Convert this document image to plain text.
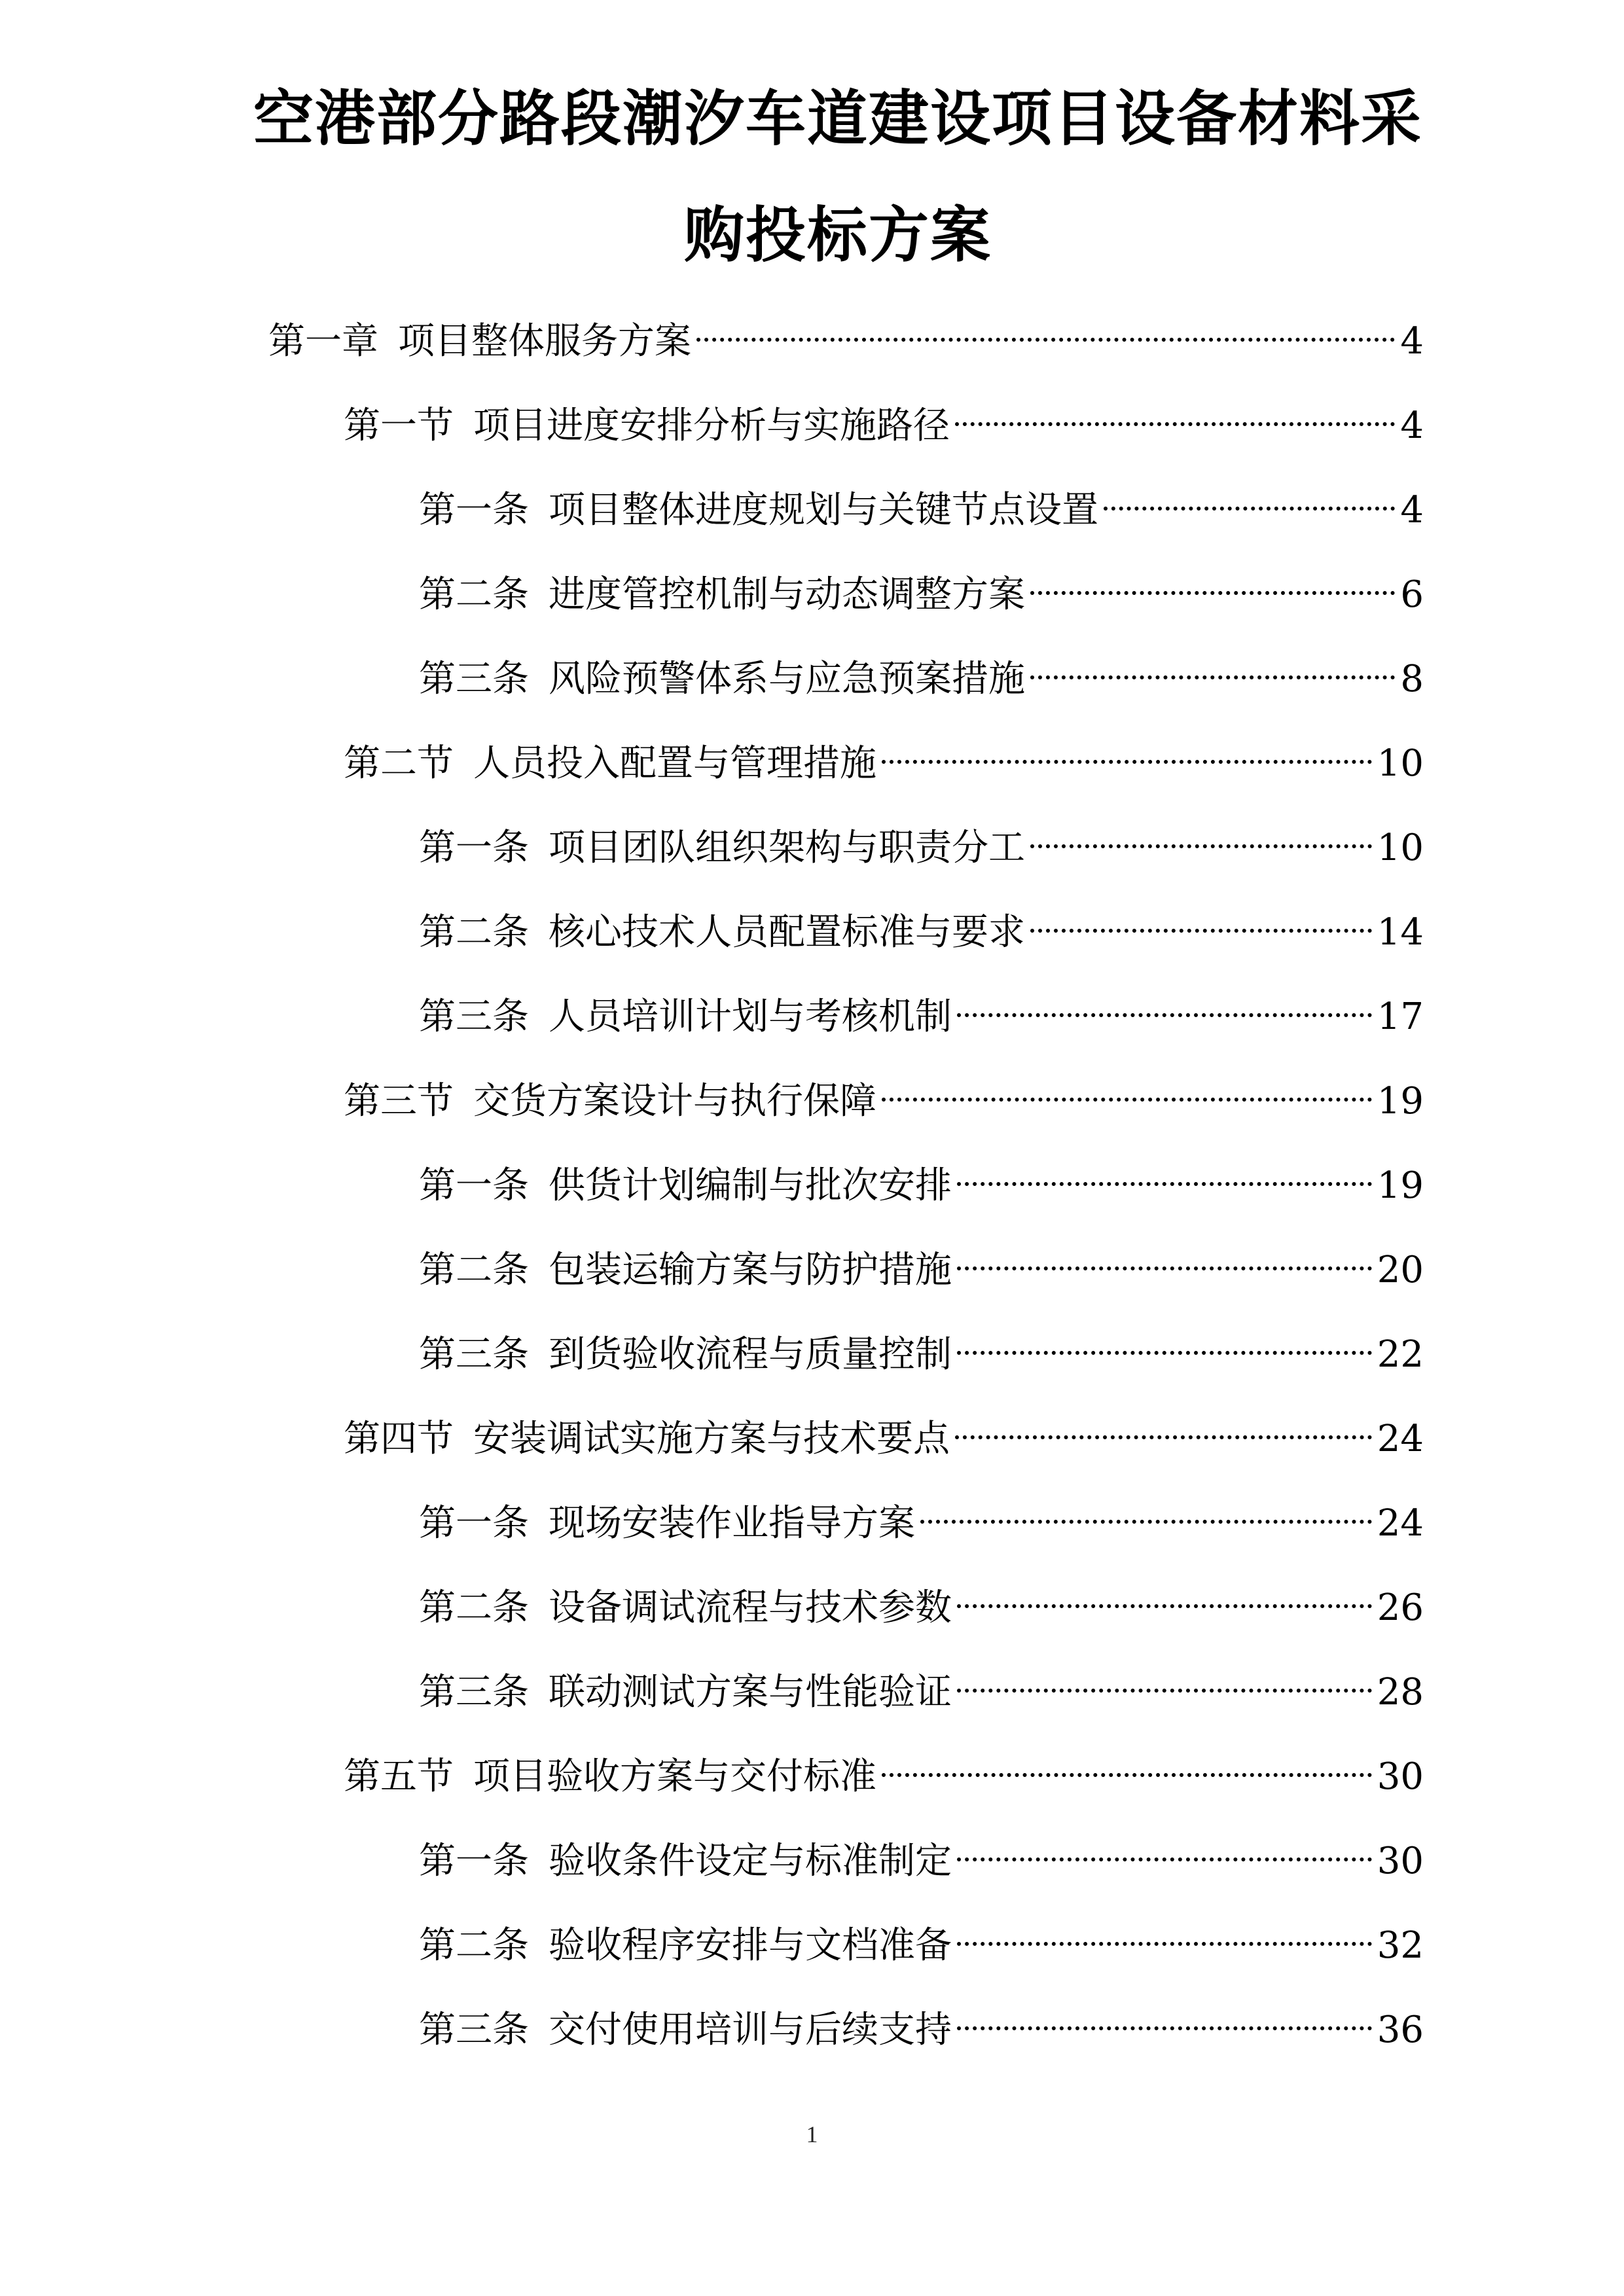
空港部分路段潮汐车道建设项目设备材料采
购投标方案
第一章 项目整体服务方案	4
第一节 项目进度安排分析与实施路径	4
第一条 项目整体进度规划与关键节点设置	4
第二条 进度管控机制与动态调整方案	6
第三条 风险预警体系与应急预案措施	8
第二节 人员投入配置与管理措施	10
第一条 项目团队组织架构与职责分工	10
第二条 核心技术人员配置标准与要求	14
第三条 人员培训计划与考核机制	17
第三节 交货方案设计与执行保障	19
第一条 供货计划编制与批次安排	19
第二条 包装运输方案与防护措施	20
第三条 到货验收流程与质量控制	22
第四节 安装调试实施方案与技术要点	24
第一条 现场安装作业指导方案	24
第二条 设备调试流程与技术参数	26
第三条 联动测试方案与性能验证	28
第五节 项目验收方案与交付标准	30
第一条 验收条件设定与标准制定	30
第二条 验收程序安排与文档准备	32
第三条 交付使用培训与后续支持	36
1
